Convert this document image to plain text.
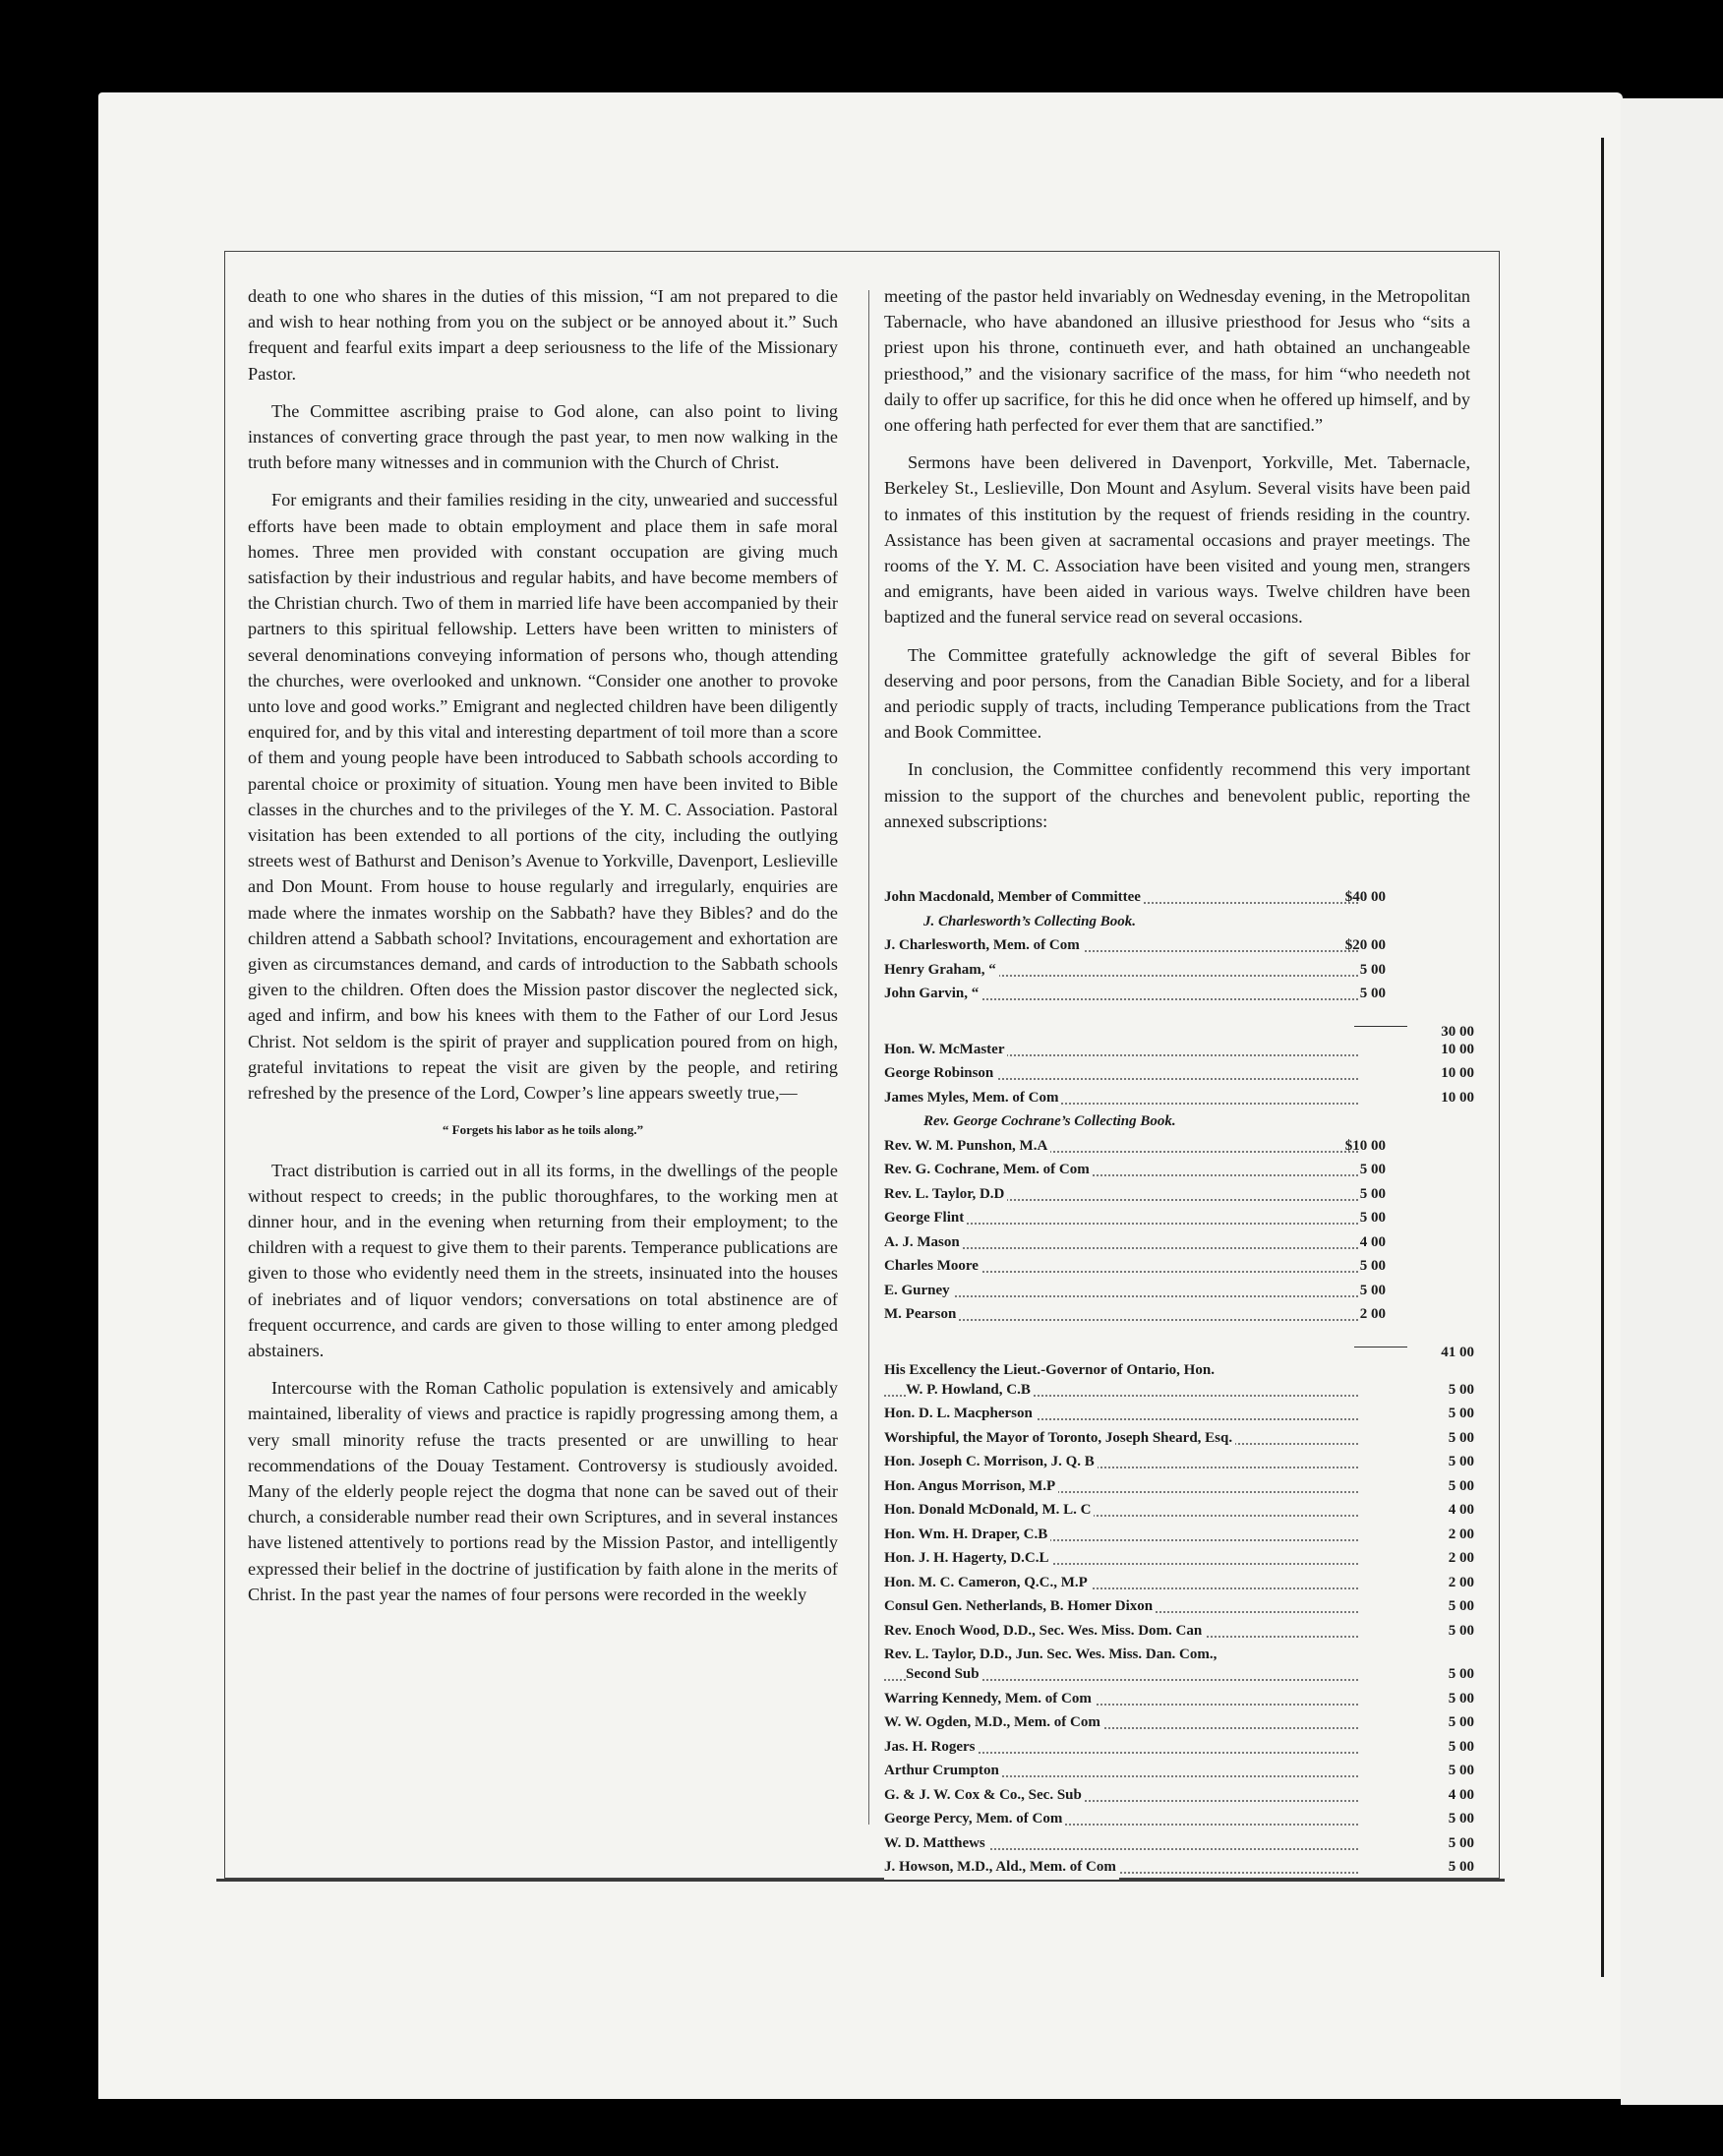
death to one who shares in the duties of this mission, “I am not prepared to die and wish to hear nothing from you on the subject or be annoyed about it.” Such frequent and fearful exits impart a deep seriousness to the life of the Missionary Pastor.

The Committee ascribing praise to God alone, can also point to living instances of converting grace through the past year, to men now walking in the truth before many witnesses and in communion with the Church of Christ.

For emigrants and their families residing in the city, unwearied and successful efforts have been made to obtain employment and place them in safe moral homes. Three men provided with constant occupation are giving much satisfaction by their industrious and regular habits, and have become members of the Christian church. Two of them in married life have been accompanied by their partners to this spiritual fellowship. Letters have been written to ministers of several denominations conveying information of persons who, though attending the churches, were overlooked and unknown. “Consider one another to provoke unto love and good works.” Emigrant and neglected children have been diligently enquired for, and by this vital and interesting department of toil more than a score of them and young people have been introduced to Sabbath schools according to parental choice or proximity of situation. Young men have been invited to Bible classes in the churches and to the privileges of the Y. M. C. Association. Pastoral visitation has been extended to all portions of the city, including the outlying streets west of Bathurst and Denison’s Avenue to Yorkville, Davenport, Leslieville and Don Mount. From house to house regularly and irregularly, enquiries are made where the inmates worship on the Sabbath? have they Bibles? and do the children attend a Sabbath school? Invitations, encouragement and exhortation are given as circumstances demand, and cards of introduction to the Sabbath schools given to the children. Often does the Mission pastor discover the neglected sick, aged and infirm, and bow his knees with them to the Father of our Lord Jesus Christ. Not seldom is the spirit of prayer and supplication poured from on high, grateful invitations to repeat the visit are given by the people, and retiring refreshed by the presence of the Lord, Cowper’s line appears sweetly true,—

“ Forgets his labor as he toils along.”

Tract distribution is carried out in all its forms, in the dwellings of the people without respect to creeds; in the public thoroughfares, to the working men at dinner hour, and in the evening when returning from their employment; to the children with a request to give them to their parents. Temperance publications are given to those who evidently need them in the streets, insinuated into the houses of inebriates and of liquor vendors; conversations on total abstinence are of frequent occurrence, and cards are given to those willing to enter among pledged abstainers.

Intercourse with the Roman Catholic population is extensively and amicably maintained, liberality of views and practice is rapidly progressing among them, a very small minority refuse the tracts presented or are unwilling to hear recommendations of the Douay Testament. Controversy is studiously avoided. Many of the elderly people reject the dogma that none can be saved out of their church, a considerable number read their own Scriptures, and in several instances have listened attentively to portions read by the Mission Pastor, and intelligently expressed their belief in the doctrine of justification by faith alone in the merits of Christ. In the past year the names of four persons were recorded in the weekly

meeting of the pastor held invariably on Wednesday evening, in the Metropolitan Tabernacle, who have abandoned an illusive priesthood for Jesus who “sits a priest upon his throne, continueth ever, and hath obtained an unchangeable priesthood,” and the visionary sacrifice of the mass, for him “who needeth not daily to offer up sacrifice, for this he did once when he offered up himself, and by one offering hath perfected for ever them that are sanctified.”

Sermons have been delivered in Davenport, Yorkville, Met. Tabernacle, Berkeley St., Leslieville, Don Mount and Asylum. Several visits have been paid to inmates of this institution by the request of friends residing in the country. Assistance has been given at sacramental occasions and prayer meetings. The rooms of the Y. M. C. Association have been visited and young men, strangers and emigrants, have been aided in various ways. Twelve children have been baptized and the funeral service read on several occasions.

The Committee gratefully acknowledge the gift of several Bibles for deserving and poor persons, from the Canadian Bible Society, and for a liberal and periodic supply of tracts, including Temperance publications from the Tract and Book Committee.

In conclusion, the Committee confidently recommend this very important mission to the support of the churches and benevolent public, reporting the annexed subscriptions:

John Macdonald, Member of Committee	$40 00
J. Charlesworth’s Collecting Book.
J. Charlesworth, Mem. of Com	$20 00
Henry Graham, “	5 00
John Garvin, “	5 00
30 00
Hon. W. McMaster	10 00
George Robinson	10 00
James Myles, Mem. of Com	10 00
Rev. George Cochrane’s Collecting Book.
Rev. W. M. Punshon, M.A	$10 00
Rev. G. Cochrane, Mem. of Com	5 00
Rev. L. Taylor, D.D	5 00
George Flint	5 00
A. J. Mason	4 00
Charles Moore	5 00
E. Gurney	5 00
M. Pearson	2 00
41 00
His Excellency the Lieut.-Governor of Ontario, Hon.
W. P. Howland, C.B	5 00
Hon. D. L. Macpherson	5 00
Worshipful, the Mayor of Toronto, Joseph Sheard, Esq.	5 00
Hon. Joseph C. Morrison, J. Q. B	5 00
Hon. Angus Morrison, M.P	5 00
Hon. Donald McDonald, M. L. C	4 00
Hon. Wm. H. Draper, C.B	2 00
Hon. J. H. Hagerty, D.C.L	2 00
Hon. M. C. Cameron, Q.C., M.P	2 00
Consul Gen. Netherlands, B. Homer Dixon	5 00
Rev. Enoch Wood, D.D., Sec. Wes. Miss. Dom. Can	5 00
Rev. L. Taylor, D.D., Jun. Sec. Wes. Miss. Dan. Com.,
Second Sub	5 00
Warring Kennedy, Mem. of Com	5 00
W. W. Ogden, M.D., Mem. of Com	5 00
Jas. H. Rogers	5 00
Arthur Crumpton	5 00
G. & J. W. Cox & Co., Sec. Sub	4 00
George Percy, Mem. of Com	5 00
W. D. Matthews	5 00
J. Howson, M.D., Ald., Mem. of Com	5 00
